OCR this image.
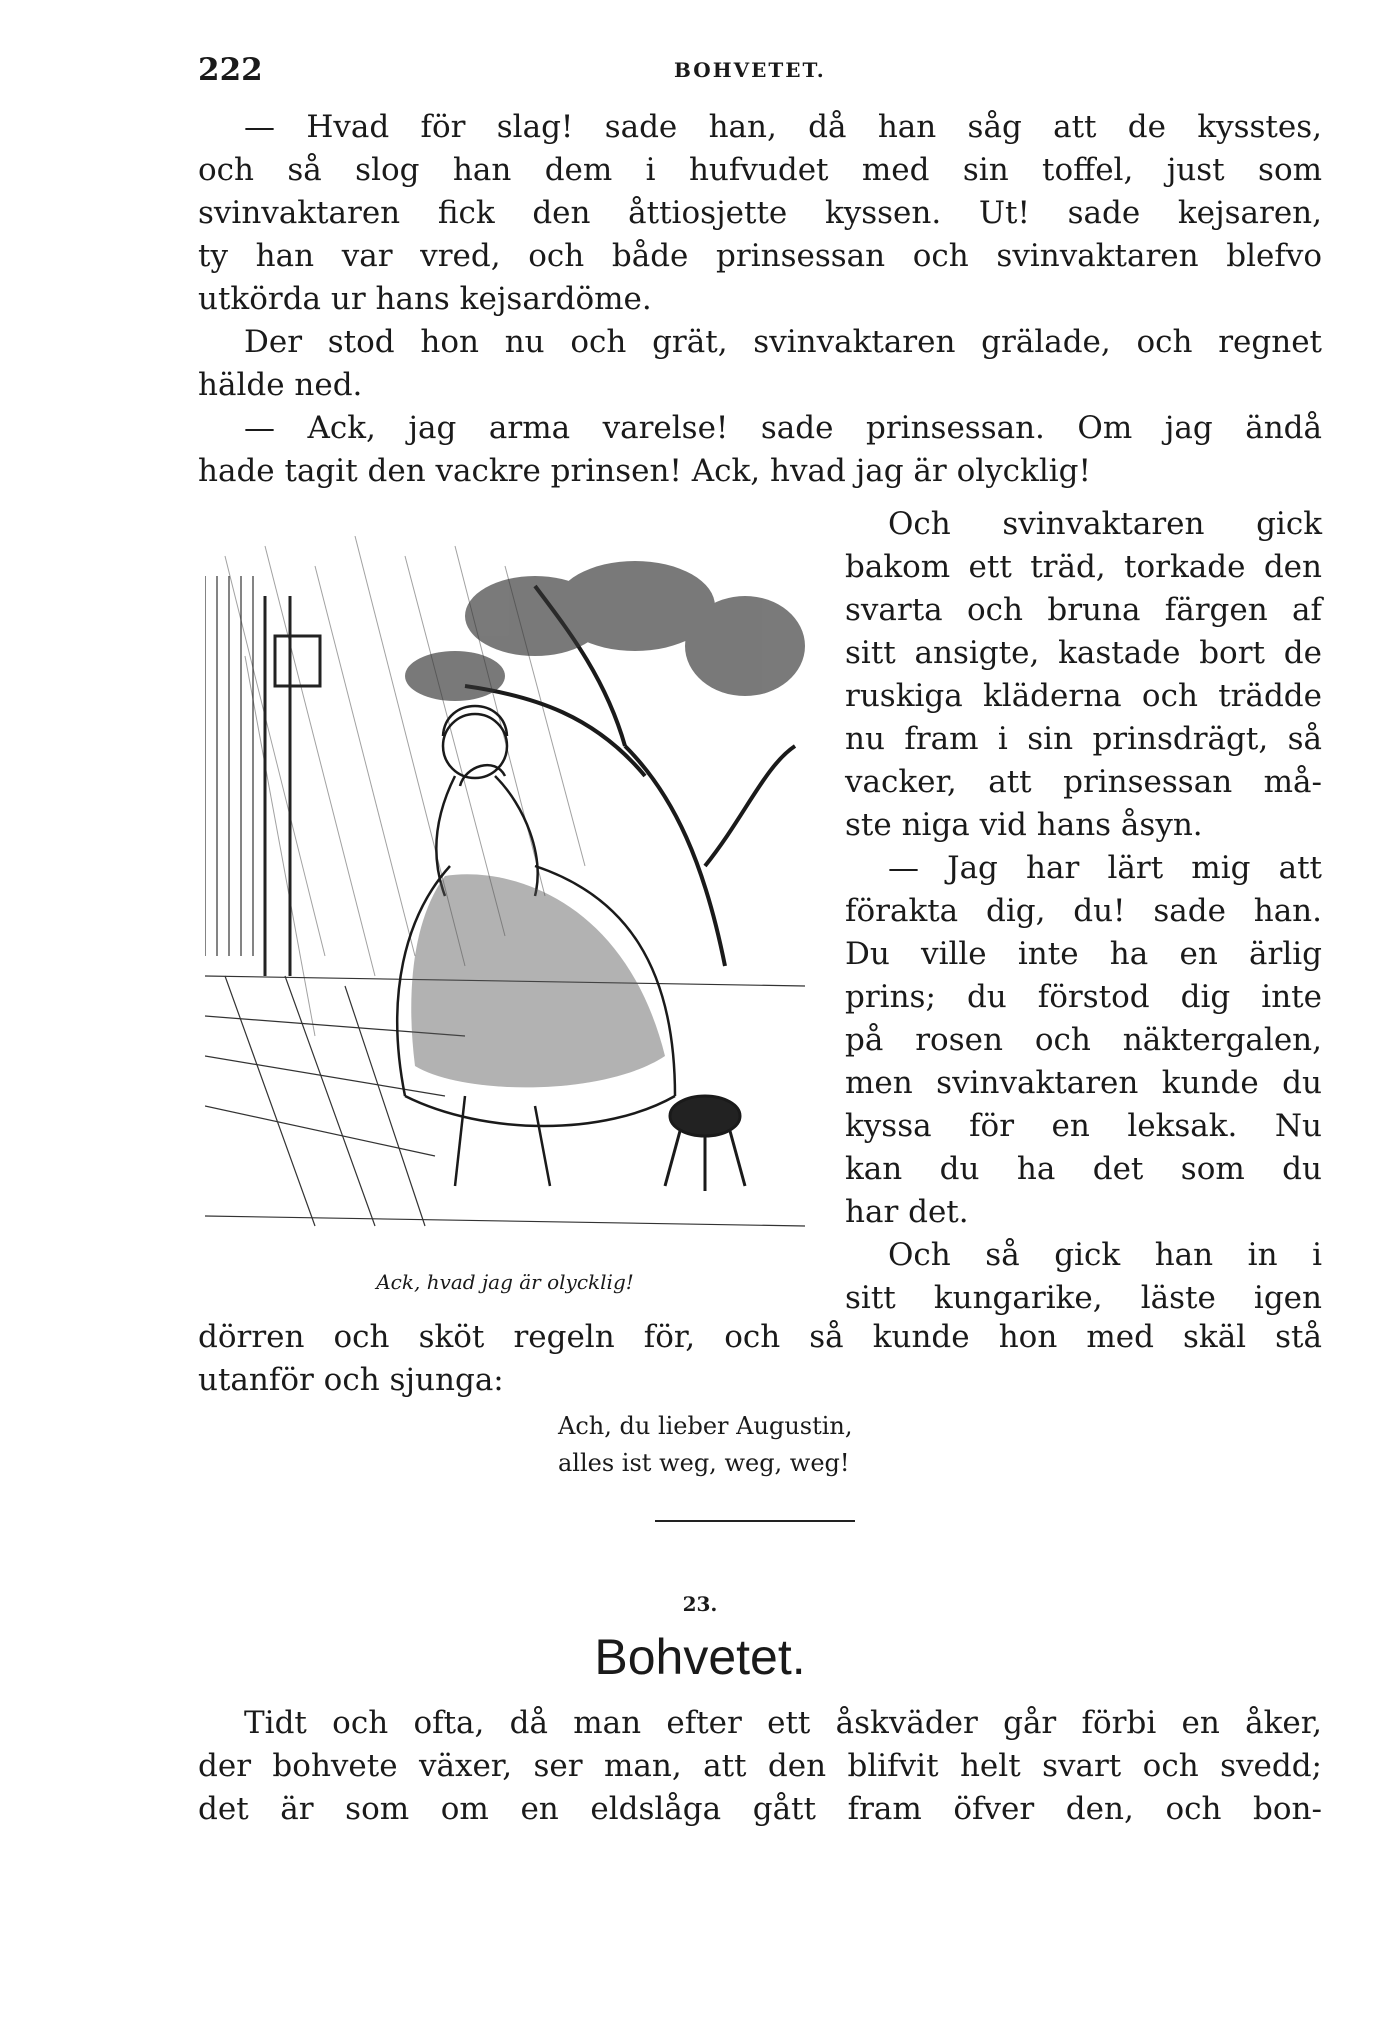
222	BOHVETET.
— Hvad för slag! sade han, då han såg att de kysstes,
och så slog han dem i hufvudet med sin toffel, just som
svinvaktaren fick den åttiosjette kyssen. Ut! sade kejsaren,
ty han var vred, och både prinsessan och svinvaktaren blefvo
utkörda ur hans kejsardöme.
Der stod hon nu och grät, svinvaktaren grälade, och regnet
hälde ned.
— Ack, jag arma varelse! sade prinsessan. Om jag ändå
hade tagit den vackre prinsen! Ack, hvad jag är olycklig!
Ack, hvad jag är olycklig!
Och svinvaktaren gick
bakom ett träd, torkade den
svarta och bruna färgen af
sitt ansigte, kastade bort de
ruskiga kläderna och trädde
nu fram i sin prinsdrägt, så
vacker, att prinsessan må-
ste niga vid hans åsyn.
— Jag har lärt mig att
förakta dig, du! sade han.
Du ville inte ha en ärlig
prins; du förstod dig inte
på rosen och näktergalen,
men svinvaktaren kunde du
kyssa för en leksak. Nu
kan du ha det som du
har det.
Och så gick han in i
sitt kungarike, läste igen
dörren och sköt regeln för, och så kunde hon med skäl stå
utanför och sjunga:
Ach, du lieber Augustin,
alles ist weg, weg, weg!
23.
Bohvetet.
Tidt och ofta, då man efter ett åskväder går förbi en åker,
der bohvete växer, ser man, att den blifvit helt svart och svedd;
det är som om en eldslåga gått fram öfver den, och bon-
